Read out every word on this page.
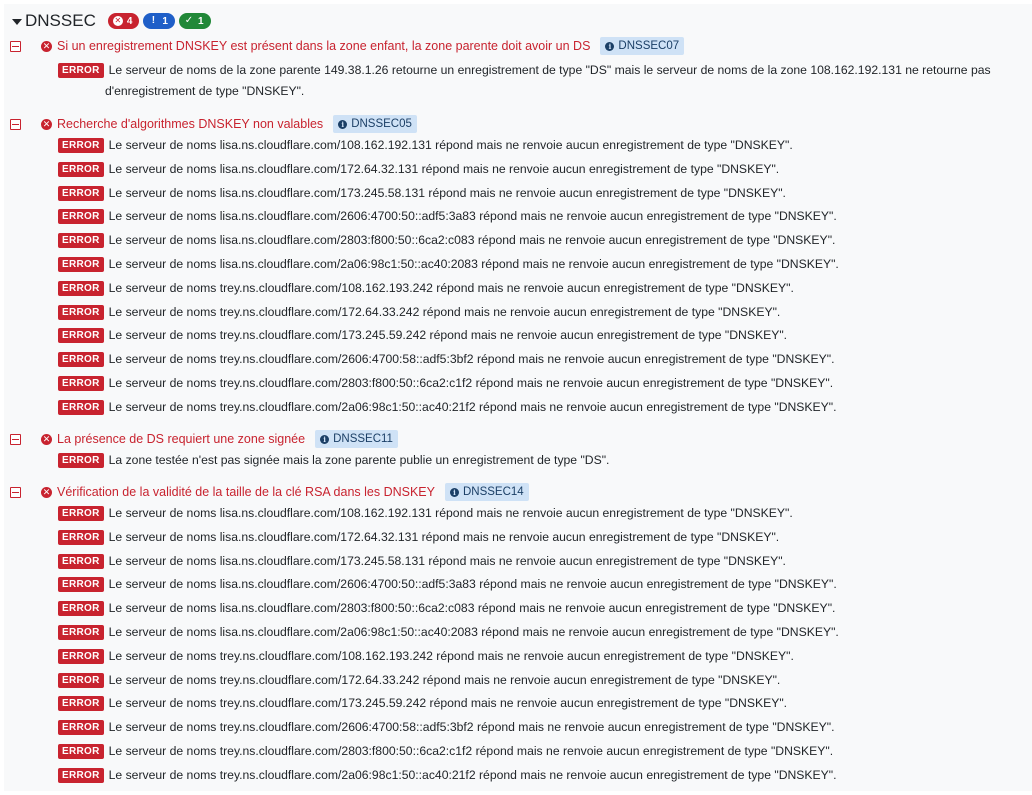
DNSSEC ✕ 4	! 1 ✓ 1
✕ Si un enregistrement DNSKEY est présent dans la zone enfant, la zone parente doit avoir un DS	i DNSSEC07
ERROR Le serveur de noms de la zone parente 149.38.1.26 retourne un enregistrement de type "DS" mais le serveur de noms de la zone 108.162.192.131 ne retourne pas d'enregistrement de type "DNSKEY".
✕ Recherche d'algorithmes DNSKEY non valables	i DNSSEC05
ERROR Le serveur de noms lisa.ns.cloudflare.com/108.162.192.131 répond mais ne renvoie aucun enregistrement de type "DNSKEY".
ERROR Le serveur de noms lisa.ns.cloudflare.com/172.64.32.131 répond mais ne renvoie aucun enregistrement de type "DNSKEY".
ERROR Le serveur de noms lisa.ns.cloudflare.com/173.245.58.131 répond mais ne renvoie aucun enregistrement de type "DNSKEY".
ERROR Le serveur de noms lisa.ns.cloudflare.com/2606:4700:50::adf5:3a83 répond mais ne renvoie aucun enregistrement de type "DNSKEY".
ERROR Le serveur de noms lisa.ns.cloudflare.com/2803:f800:50::6ca2:c083 répond mais ne renvoie aucun enregistrement de type "DNSKEY".
ERROR Le serveur de noms lisa.ns.cloudflare.com/2a06:98c1:50::ac40:2083 répond mais ne renvoie aucun enregistrement de type "DNSKEY".
ERROR Le serveur de noms trey.ns.cloudflare.com/108.162.193.242 répond mais ne renvoie aucun enregistrement de type "DNSKEY".
ERROR Le serveur de noms trey.ns.cloudflare.com/172.64.33.242 répond mais ne renvoie aucun enregistrement de type "DNSKEY".
ERROR Le serveur de noms trey.ns.cloudflare.com/173.245.59.242 répond mais ne renvoie aucun enregistrement de type "DNSKEY".
ERROR Le serveur de noms trey.ns.cloudflare.com/2606:4700:58::adf5:3bf2 répond mais ne renvoie aucun enregistrement de type "DNSKEY".
ERROR Le serveur de noms trey.ns.cloudflare.com/2803:f800:50::6ca2:c1f2 répond mais ne renvoie aucun enregistrement de type "DNSKEY".
ERROR Le serveur de noms trey.ns.cloudflare.com/2a06:98c1:50::ac40:21f2 répond mais ne renvoie aucun enregistrement de type "DNSKEY".
✕ La présence de DS requiert une zone signée	i DNSSEC11
ERROR La zone testée n'est pas signée mais la zone parente publie un enregistrement de type "DS".
✕ Vérification de la validité de la taille de la clé RSA dans les DNSKEY	i DNSSEC14
ERROR Le serveur de noms lisa.ns.cloudflare.com/108.162.192.131 répond mais ne renvoie aucun enregistrement de type "DNSKEY".
ERROR Le serveur de noms lisa.ns.cloudflare.com/172.64.32.131 répond mais ne renvoie aucun enregistrement de type "DNSKEY".
ERROR Le serveur de noms lisa.ns.cloudflare.com/173.245.58.131 répond mais ne renvoie aucun enregistrement de type "DNSKEY".
ERROR Le serveur de noms lisa.ns.cloudflare.com/2606:4700:50::adf5:3a83 répond mais ne renvoie aucun enregistrement de type "DNSKEY".
ERROR Le serveur de noms lisa.ns.cloudflare.com/2803:f800:50::6ca2:c083 répond mais ne renvoie aucun enregistrement de type "DNSKEY".
ERROR Le serveur de noms lisa.ns.cloudflare.com/2a06:98c1:50::ac40:2083 répond mais ne renvoie aucun enregistrement de type "DNSKEY".
ERROR Le serveur de noms trey.ns.cloudflare.com/108.162.193.242 répond mais ne renvoie aucun enregistrement de type "DNSKEY".
ERROR Le serveur de noms trey.ns.cloudflare.com/172.64.33.242 répond mais ne renvoie aucun enregistrement de type "DNSKEY".
ERROR Le serveur de noms trey.ns.cloudflare.com/173.245.59.242 répond mais ne renvoie aucun enregistrement de type "DNSKEY".
ERROR Le serveur de noms trey.ns.cloudflare.com/2606:4700:58::adf5:3bf2 répond mais ne renvoie aucun enregistrement de type "DNSKEY".
ERROR Le serveur de noms trey.ns.cloudflare.com/2803:f800:50::6ca2:c1f2 répond mais ne renvoie aucun enregistrement de type "DNSKEY".
ERROR Le serveur de noms trey.ns.cloudflare.com/2a06:98c1:50::ac40:21f2 répond mais ne renvoie aucun enregistrement de type "DNSKEY".
